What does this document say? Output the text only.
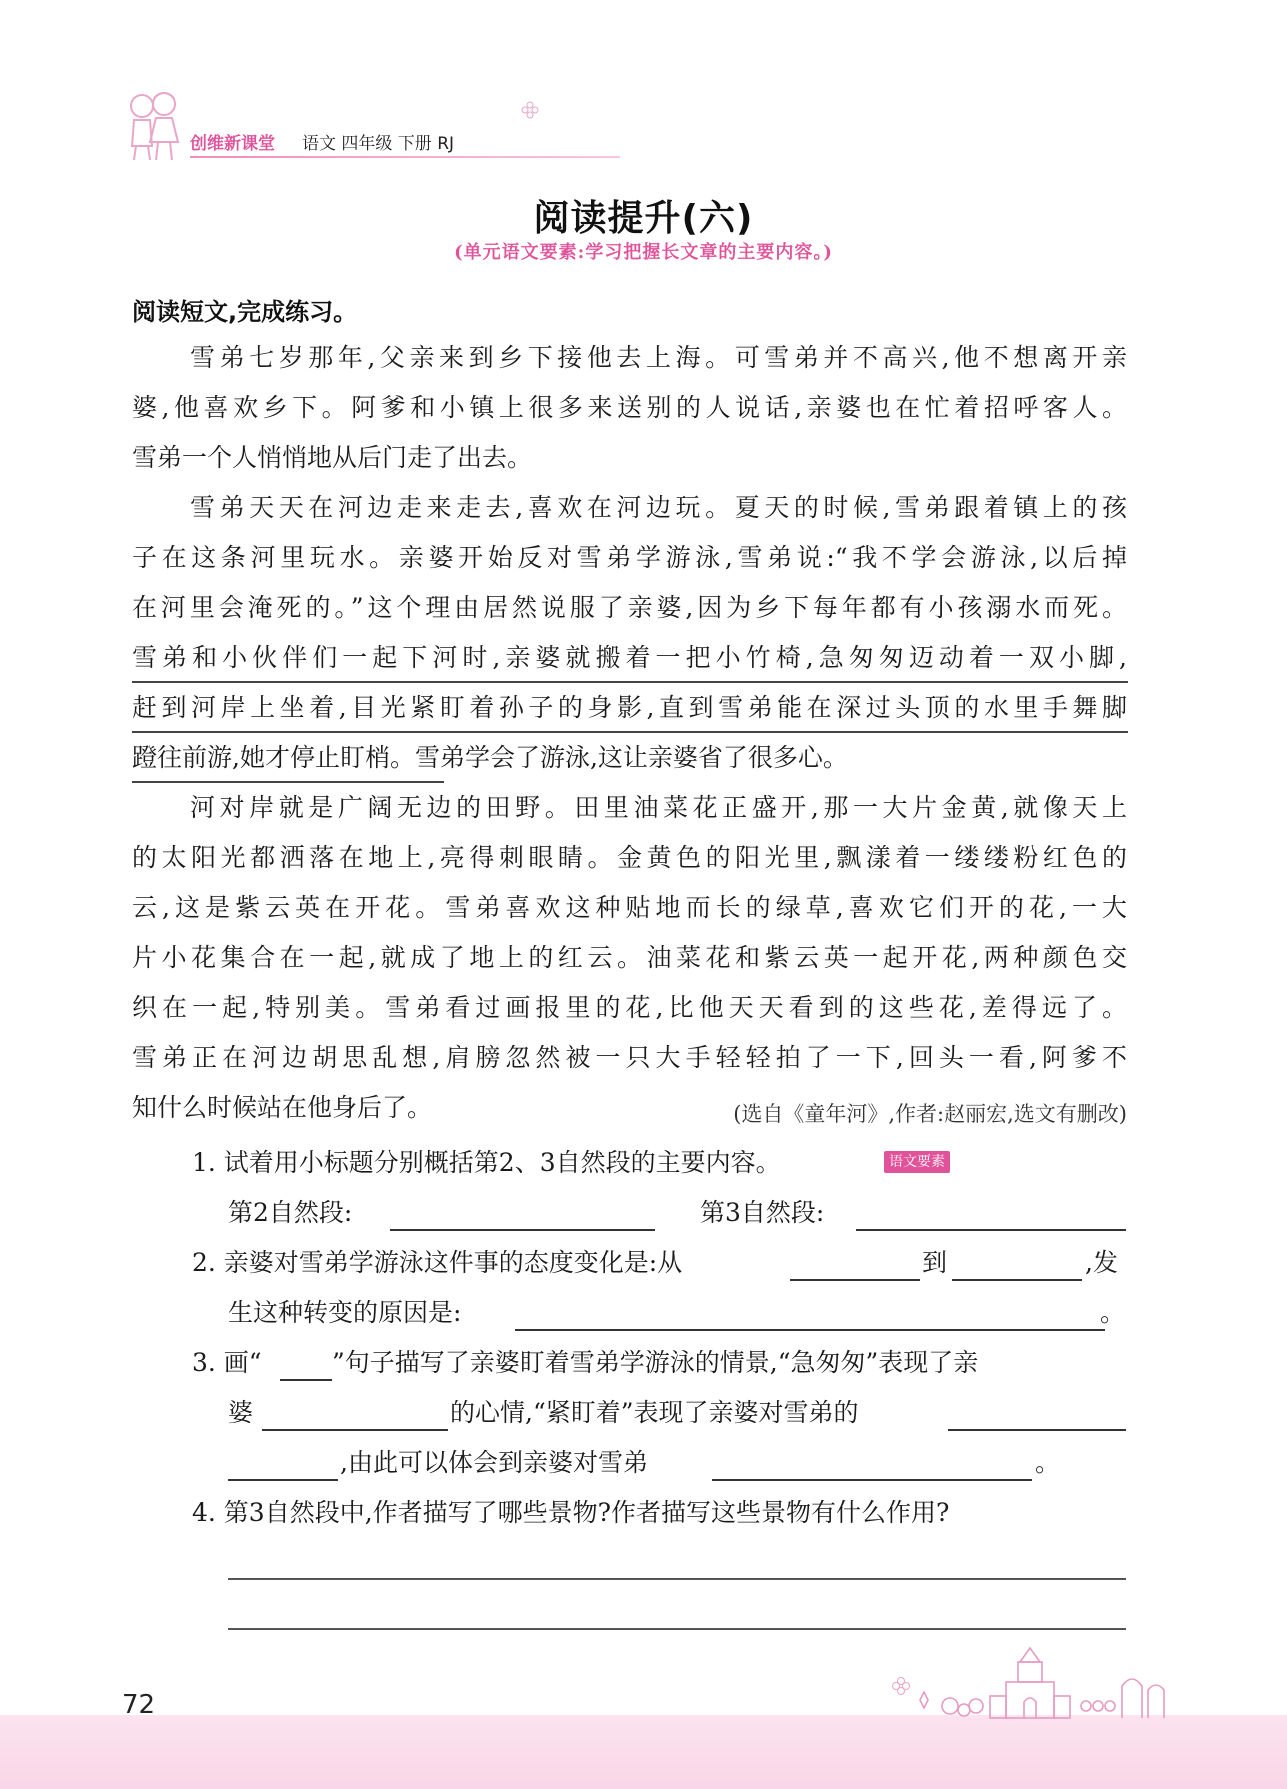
创维新课堂 语文 四年级 下册 RJ
阅读提升(六)
(单元语文要素:学习把握长文章的主要内容。)
阅读短文,完成练习。
雪弟七岁那年,父亲来到乡下接他去上海。可雪弟并不高兴,他不想离开亲
婆,他喜欢乡下。阿爹和小镇上很多来送别的人说话,亲婆也在忙着招呼客人。
雪弟一个人悄悄地从后门走了出去。
雪弟天天在河边走来走去,喜欢在河边玩。夏天的时候,雪弟跟着镇上的孩
子在这条河里玩水。亲婆开始反对雪弟学游泳,雪弟说:“我不学会游泳,以后掉
在河里会淹死的。”这个理由居然说服了亲婆,因为乡下每年都有小孩溺水而死。
雪弟和小伙伴们一起下河时,亲婆就搬着一把小竹椅,急匆匆迈动着一双小脚,
赶到河岸上坐着,目光紧盯着孙子的身影,直到雪弟能在深过头顶的水里手舞脚
蹬往前游,她才停止盯梢。雪弟学会了游泳,这让亲婆省了很多心。
河对岸就是广阔无边的田野。田里油菜花正盛开,那一大片金黄,就像天上
的太阳光都洒落在地上,亮得刺眼睛。金黄色的阳光里,飘漾着一缕缕粉红色的
云,这是紫云英在开花。雪弟喜欢这种贴地而长的绿草,喜欢它们开的花,一大
片小花集合在一起,就成了地上的红云。油菜花和紫云英一起开花,两种颜色交
织在一起,特别美。雪弟看过画报里的花,比他天天看到的这些花,差得远了。
雪弟正在河边胡思乱想,肩膀忽然被一只大手轻轻拍了一下,回头一看,阿爹不
知什么时候站在他身后了。	(选自《童年河》,作者:赵丽宏,选文有删改)
1. 试着用小标题分别概括第2、3自然段的主要内容。	语文要素
第2自然段:	第3自然段:
2. 亲婆对雪弟学游泳这件事的态度变化是:从	到	,发
生这种转变的原因是:	。
3. 画“	”句子描写了亲婆盯着雪弟学游泳的情景,“急匆匆”表现了亲
婆	的心情,“紧盯着”表现了亲婆对雪弟的
,由此可以体会到亲婆对雪弟	。
4. 第3自然段中,作者描写了哪些景物?作者描写这些景物有什么作用?
72
